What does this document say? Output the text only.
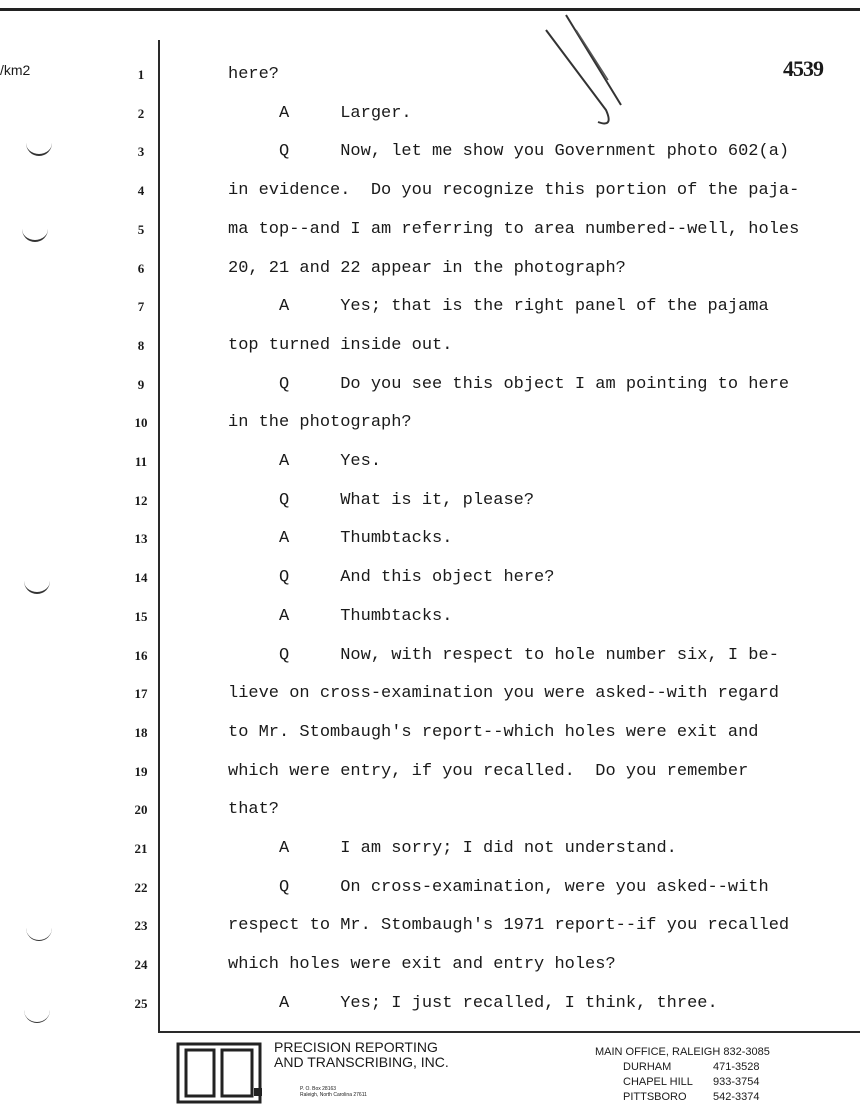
/km2	4539
1	here?
2	A     Larger.
3	Q     Now, let me show you Government photo 602(a)
4	in evidence.  Do you recognize this portion of the paja-
5	ma top--and I am referring to area numbered--well, holes
6	20, 21 and 22 appear in the photograph?
7	A     Yes; that is the right panel of the pajama
8	top turned inside out.
9	Q     Do you see this object I am pointing to here
10	in the photograph?
11	A     Yes.
12	Q     What is it, please?
13	A     Thumbtacks.
14	Q     And this object here?
15	A     Thumbtacks.
16	Q     Now, with respect to hole number six, I be-
17	lieve on cross-examination you were asked--with regard
18	to Mr. Stombaugh's report--which holes were exit and
19	which were entry, if you recalled.  Do you remember
20	that?
21	A     I am sorry; I did not understand.
22	Q     On cross-examination, were you asked--with
23	respect to Mr. Stombaugh's 1971 report--if you recalled
24	which holes were exit and entry holes?
25	A     Yes; I just recalled, I think, three.
PRECISION REPORTING
AND TRANSCRIBING, INC.
P. O. Box 28163
Raleigh, North Carolina 27611
MAIN OFFICE, RALEIGH 832-3085
DURHAM	471-3528
CHAPEL HILL 933-3754
PITTSBORO 542-3374
